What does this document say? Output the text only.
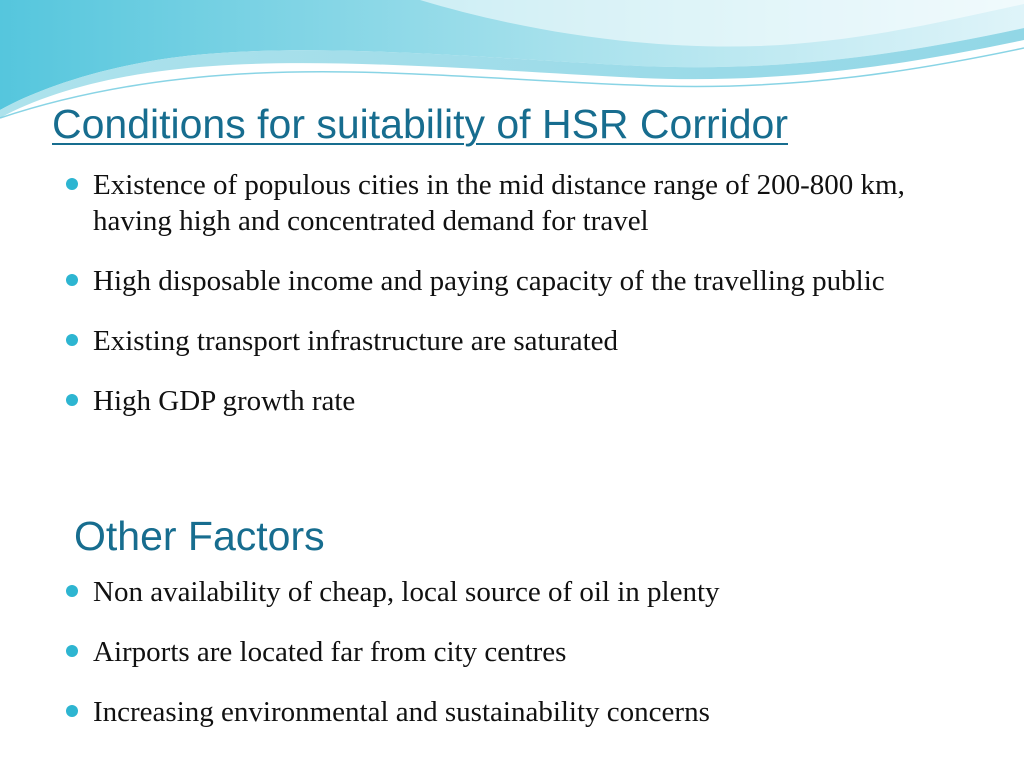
Conditions for suitability of HSR Corridor
Existence of populous cities in the mid distance range of 200-800 km, having high and concentrated demand for travel
High disposable income and paying capacity of the travelling public
Existing transport infrastructure are saturated
High GDP growth rate
Other Factors
Non availability of cheap, local source of oil in plenty
Airports are located far from city centres
Increasing environmental and sustainability concerns
